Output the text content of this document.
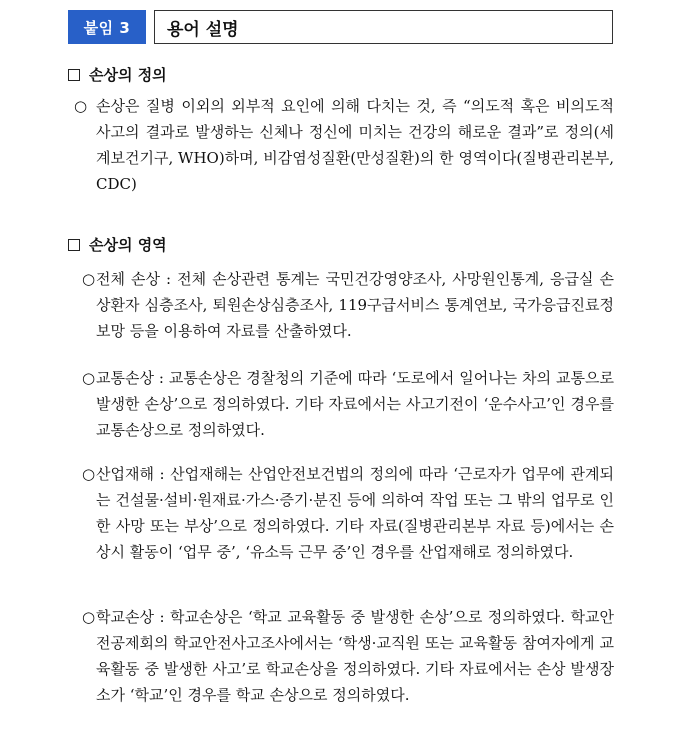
붙임 3	용어 설명
손상의 정의
○ 손상은 질병 이외의 외부적 요인에 의해 다치는 것, 즉 “의도적 혹은 비의도적 사고의 결과로 발생하는 신체나 정신에 미치는 건강의 해로운 결과”로 정의(세계보건기구, WHO)하며, 비감염성질환(만성질환)의 한 영역이다(질병관리본부, CDC)
손상의 영역
○ 전체 손상 : 전체 손상관련 통계는 국민건강영양조사, 사망원인통계, 응급실 손상환자 심층조사, 퇴원손상심층조사, 119구급서비스 통계연보, 국가응급진료정보망 등을 이용하여 자료를 산출하였다.
○ 교통손상 : 교통손상은 경찰청의 기준에 따라 ‘도로에서 일어나는 차의 교통으로 발생한 손상’으로 정의하였다. 기타 자료에서는 사고기전이 ‘운수사고’인 경우를 교통손상으로 정의하였다.
○ 산업재해 : 산업재해는 산업안전보건법의 정의에 따라 ‘근로자가 업무에 관계되는 건설물·설비·원재료·가스·증기·분진 등에 의하여 작업 또는 그 밖의 업무로 인한 사망 또는 부상’으로 정의하였다. 기타 자료(질병관리본부 자료 등)에서는 손상시 활동이 ‘업무 중’, ‘유소득 근무 중’인 경우를 산업재해로 정의하였다.
○ 학교손상 : 학교손상은 ‘학교 교육활동 중 발생한 손상’으로 정의하였다. 학교안전공제회의 학교안전사고조사에서는 ‘학생·교직원 또는 교육활동 참여자에게 교육활동 중 발생한 사고’로 학교손상을 정의하였다. 기타 자료에서는 손상 발생장소가 ‘학교’인 경우를 학교 손상으로 정의하였다.
